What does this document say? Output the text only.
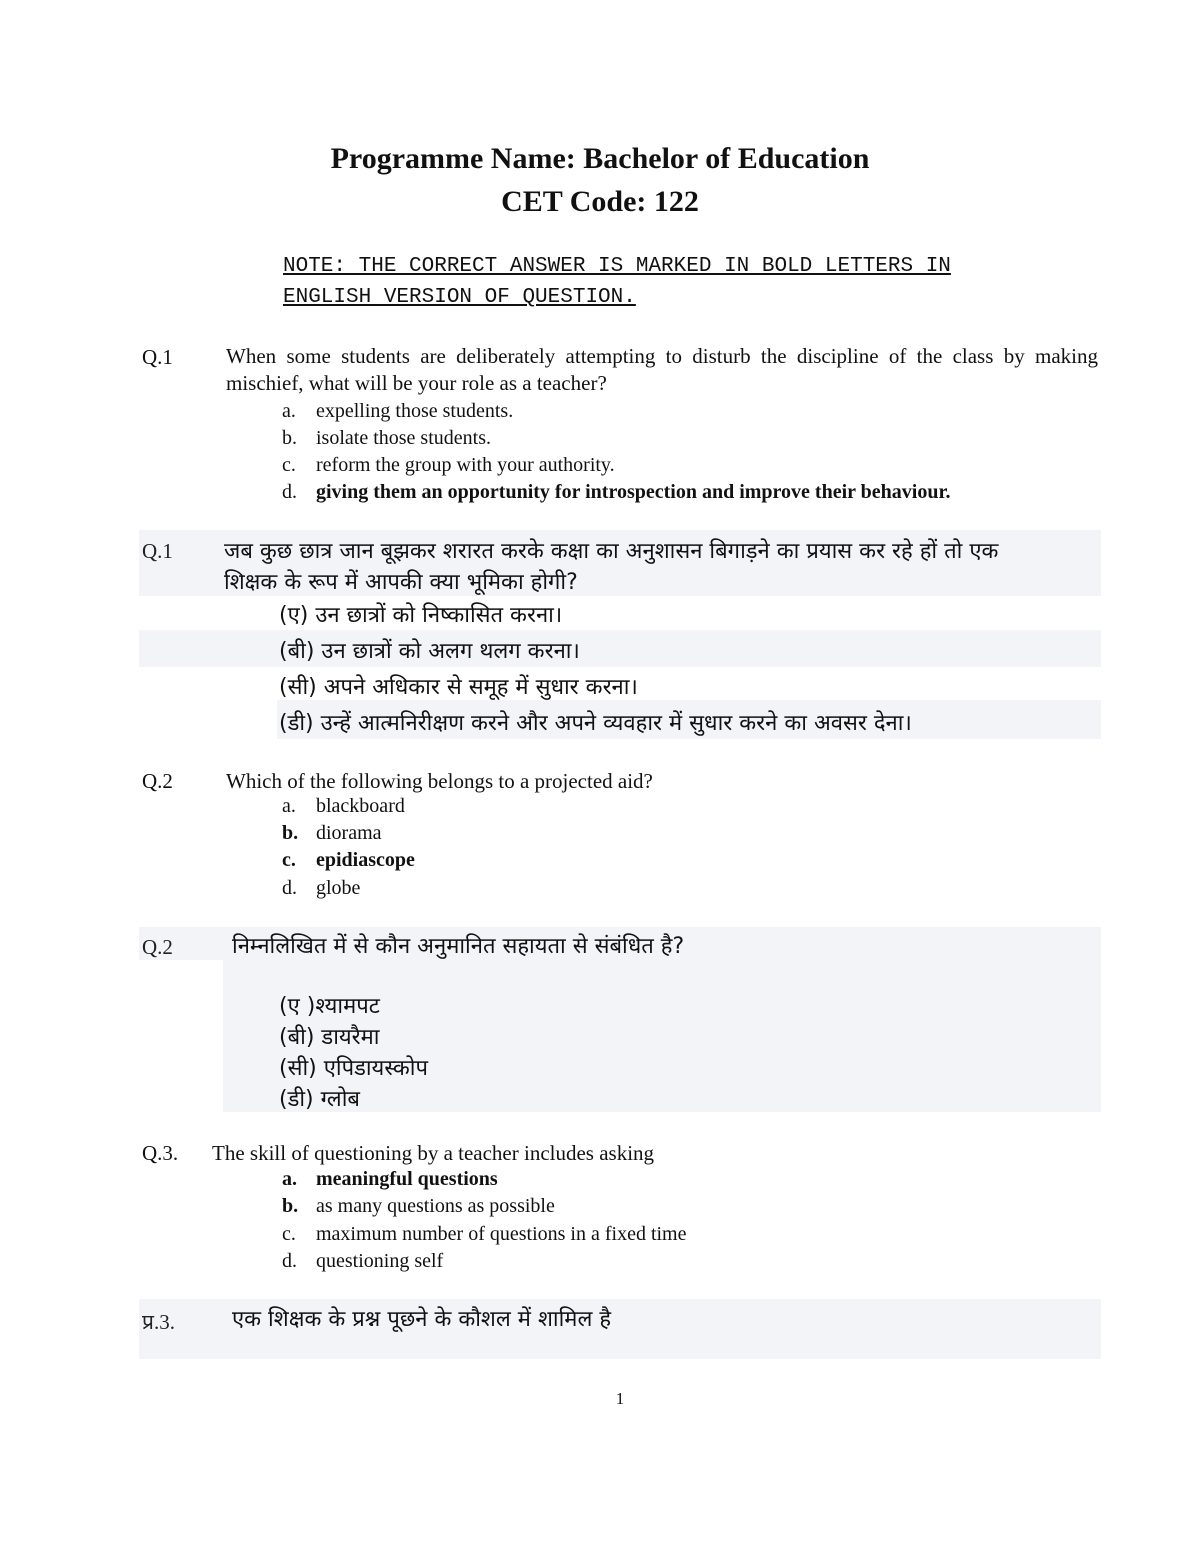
Programme Name: Bachelor of Education
CET Code: 122
NOTE: THE CORRECT ANSWER IS MARKED IN BOLD LETTERS IN
ENGLISH VERSION OF QUESTION.
Q.1	When some students are deliberately attempting to disturb the discipline of the class by making mischief, what will be your role as a teacher?
a. expelling those students.
b. isolate those students.
c. reform the group with your authority.
d. giving them an opportunity for introspection and improve their behaviour.
Q.1 जब कुछ छात्र जान बूझकर शरारत करके कक्षा का अनुशासन बिगाड़ने का प्रयास कर रहे हों तो एक
शिक्षक के रूप में आपकी क्या भूमिका होगी?
(ए) उन छात्रों को निष्कासित करना।
(बी) उन छात्रों को अलग थलग करना।
(सी) अपने अधिकार से समूह में सुधार करना।
(डी) उन्हें आत्मनिरीक्षण करने और अपने व्यवहार में सुधार करने का अवसर देना।
Q.2	Which of the following belongs to a projected aid?
a. blackboard
b. diorama
c. epidiascope
d. globe
Q.2	निम्नलिखित में से कौन अनुमानित सहायता से संबंधित है?
(ए )श्यामपट
(बी) डायरैमा
(सी) एपिडायस्कोप
(डी) ग्लोब
Q.3. The skill of questioning by a teacher includes asking
a. meaningful questions
b. as many questions as possible
c. maximum number of questions in a fixed time
d. questioning self
प्र.3.	एक शिक्षक के प्रश्न पूछने के कौशल में शामिल है
1
